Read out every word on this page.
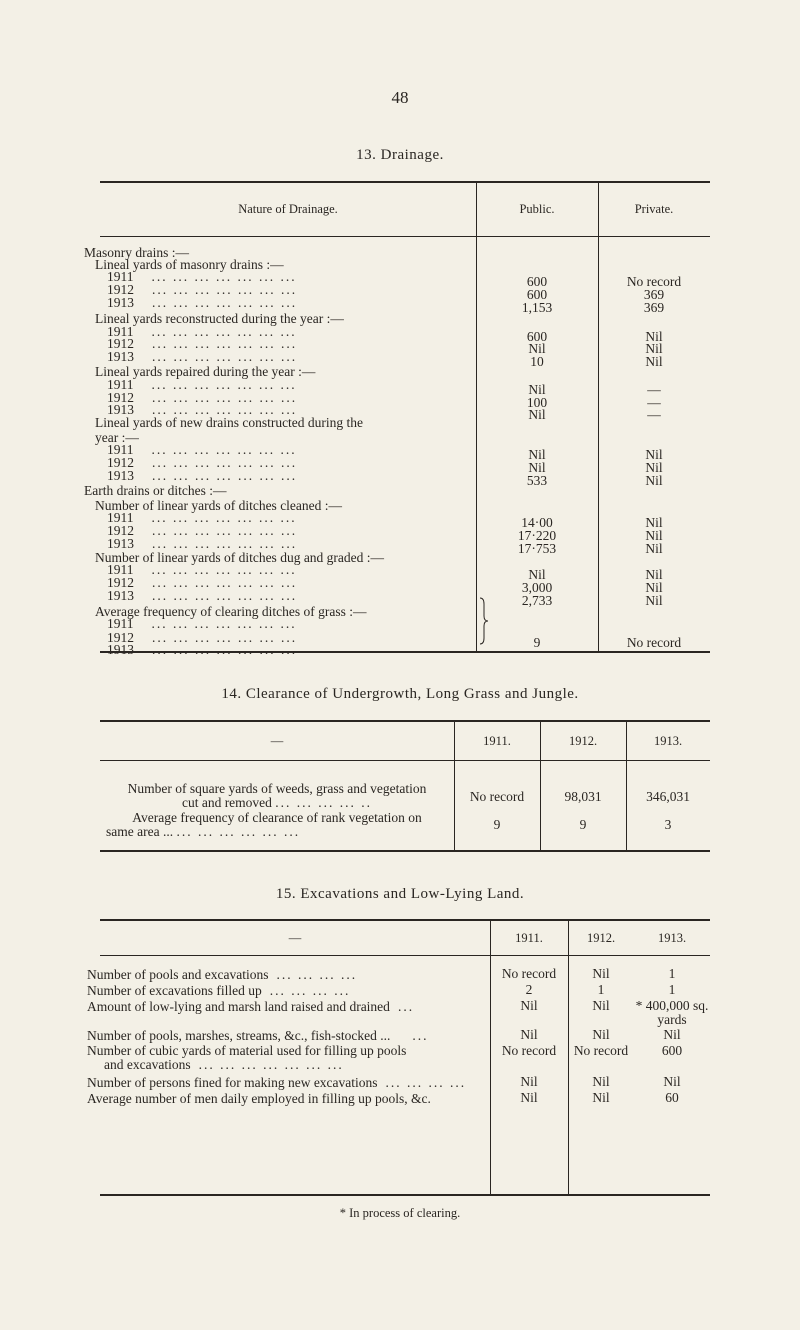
48
13. Drainage.
Nature of Drainage.	Public.	Private.
Masonry drains :—
Lineal yards of masonry drains :—
1911 ... ... ... ... ... ... ...	600	No record
1912 ... ... ... ... ... ... ...	600	369
1913 ... ... ... ... ... ... ...	1,153	369
Lineal yards reconstructed during the year :—
1911 ... ... ... ... ... ... ...	600	Nil
1912 ... ... ... ... ... ... ...	Nil	Nil
1913 ... ... ... ... ... ... ...	10	Nil
Lineal yards repaired during the year :—
1911 ... ... ... ... ... ... ...	Nil	—
1912 ... ... ... ... ... ... ...	100	—
1913 ... ... ... ... ... ... ...	Nil	—
Lineal yards of new drains constructed during the
year :—
1911 ... ... ... ... ... ... ...	Nil	Nil
1912 ... ... ... ... ... ... ...	Nil	Nil
1913 ... ... ... ... ... ... ...	533	Nil
Earth drains or ditches :—
Number of linear yards of ditches cleaned :—
1911 ... ... ... ... ... ... ...	14·00	Nil
1912 ... ... ... ... ... ... ...	17·220	Nil
1913 ... ... ... ... ... ... ...	17·753	Nil
Number of linear yards of ditches dug and graded :—
1911 ... ... ... ... ... ... ...	Nil	Nil
1912 ... ... ... ... ... ... ...	3,000	Nil
1913 ... ... ... ... ... ... ...	2,733	Nil
Average frequency of clearing ditches of grass :—
1911 ... ... ... ... ... ... ...
1912 ... ... ... ... ... ... ...	9	No record
1913 ... ... ... ... ... ... ...
14. Clearance of Undergrowth, Long Grass and Jungle.
—	1911.	1912.	1913.
Number of square yards of weeds, grass and vegetation
cut and removed ... ... ... ... ..	No record	98,031	346,031
Average frequency of clearance of rank vegetation on
same area ... ... ... ... ... ... ...	9	9	3
15. Excavations and Low-Lying Land.
—	1911.	1912.	1913.
Number of pools and excavations ... ... ... ...	No record	Nil	1
Number of excavations filled up ... ... ... ...	2	1	1
Amount of low-lying and marsh land raised and drained ...	Nil	Nil	* 400,000 sq. yards
Number of pools, marshes, streams, &c., fish-stocked ... ...	Nil	Nil	Nil
Number of cubic yards of material used for filling up pools
and excavations ... ... ... ... ... ... ...
No record	No record	600
Number of persons fined for making new excavations ... ... ... ...	Nil	Nil	Nil
Average number of men daily employed in filling up pools, &c.	Nil	Nil	60
* In process of clearing.
